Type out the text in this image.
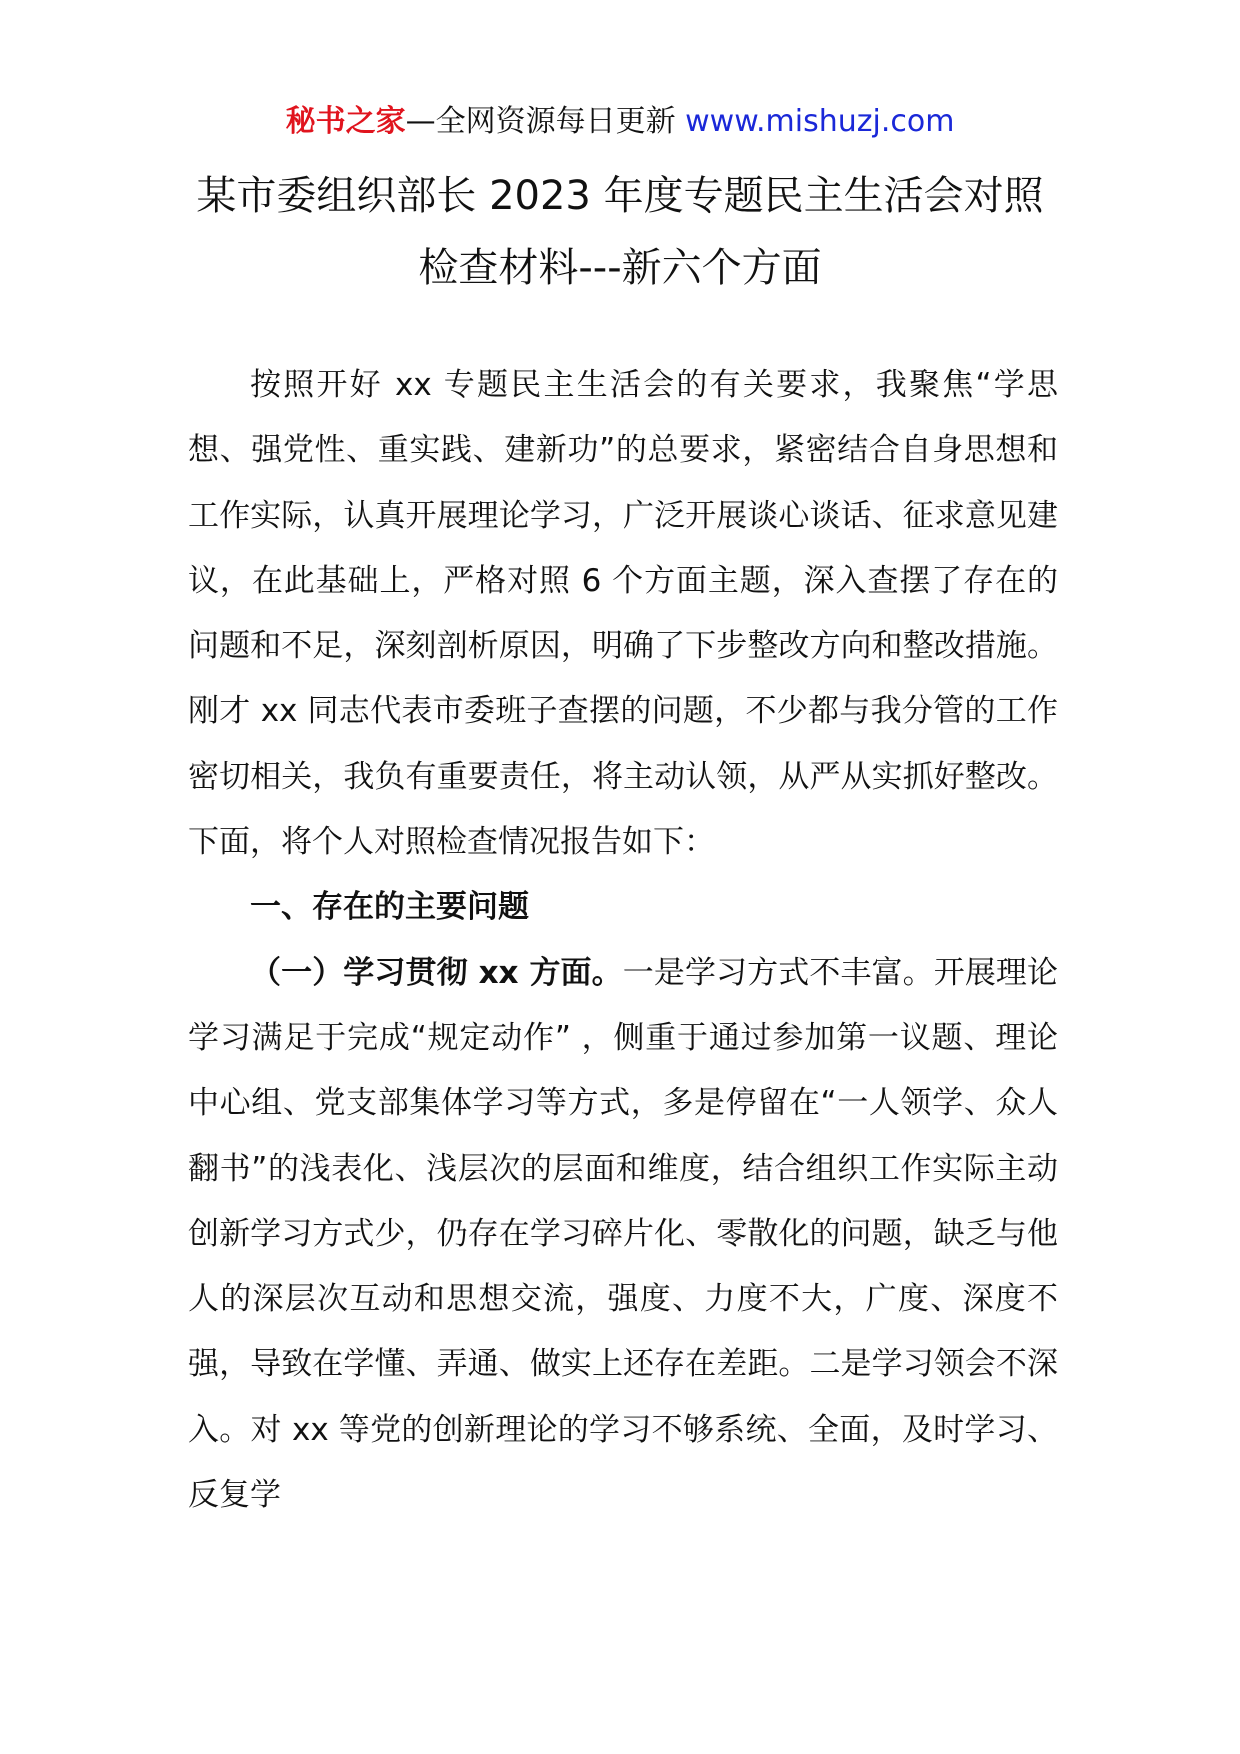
秘书之家—全网资源每日更新 www.mishuzj.com
某市委组织部长 2023 年度专题民主生活会对照
检查材料---新六个方面

按照开好 xx 专题民主生活会的有关要求，我聚焦“学思想、强党性、重实践、建新功”的总要求，紧密结合自身思想和工作实际，认真开展理论学习，广泛开展谈心谈话、征求意见建议，在此基础上，严格对照 6 个方面主题，深入查摆了存在的问题和不足，深刻剖析原因，明确了下步整改方向和整改措施。刚才 xx 同志代表市委班子查摆的问题，不少都与我分管的工作密切相关，我负有重要责任，将主动认领，从严从实抓好整改。下面，将个人对照检查情况报告如下：

一、存在的主要问题

（一）学习贯彻 xx 方面。一是学习方式不丰富。开展理论学习满足于完成“规定动作” ，侧重于通过参加第一议题、理论中心组、党支部集体学习等方式，多是停留在“一人领学、众人翻书”的浅表化、浅层次的层面和维度，结合组织工作实际主动创新学习方式少，仍存在学习碎片化、零散化的问题，缺乏与他人的深层次互动和思想交流，强度、力度不大，广度、深度不强，导致在学懂、弄通、做实上还存在差距。二是学习领会不深入。对 xx 等党的创新理论的学习不够系统、全面，及时学习、反复学
